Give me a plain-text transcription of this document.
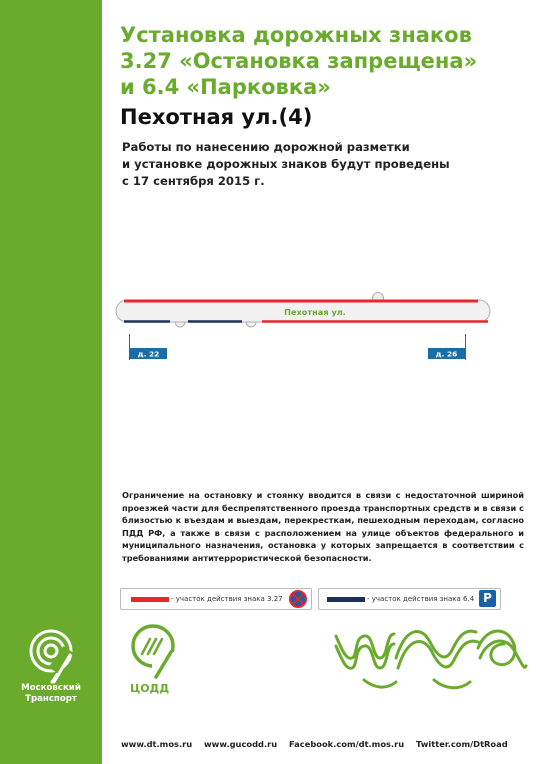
Установка дорожных знаков
3.27 «Остановка запрещена»
и 6.4 «Парковка»
Пехотная ул.(4)

Работы по нанесению дорожной разметки
и установке дорожных знаков будут проведены
с 17 сентября 2015 г.

Пехотная ул.
д. 22	д. 26

Ограничение на остановку и стоянку вводится в связи с недостаточной шириной проезжей части для беспрепятственного проезда транспортных средств и в связи с близостью к въездам и выездам, перекресткам, пешеходным переходам, согласно ПДД РФ, а также в связи с расположением на улице объектов федерального и муниципального назначения, остановка у которых запрещается в соответствии с требованиями антитеррористической безопасности.

- участок действия знака 3.27	- участок действия знака 6.4 P

Московский
Транспорт

ЦОДД

www.dt.mos.ru www.gucodd.ru Facebook.com/dt.mos.ru Twitter.com/DtRoad
